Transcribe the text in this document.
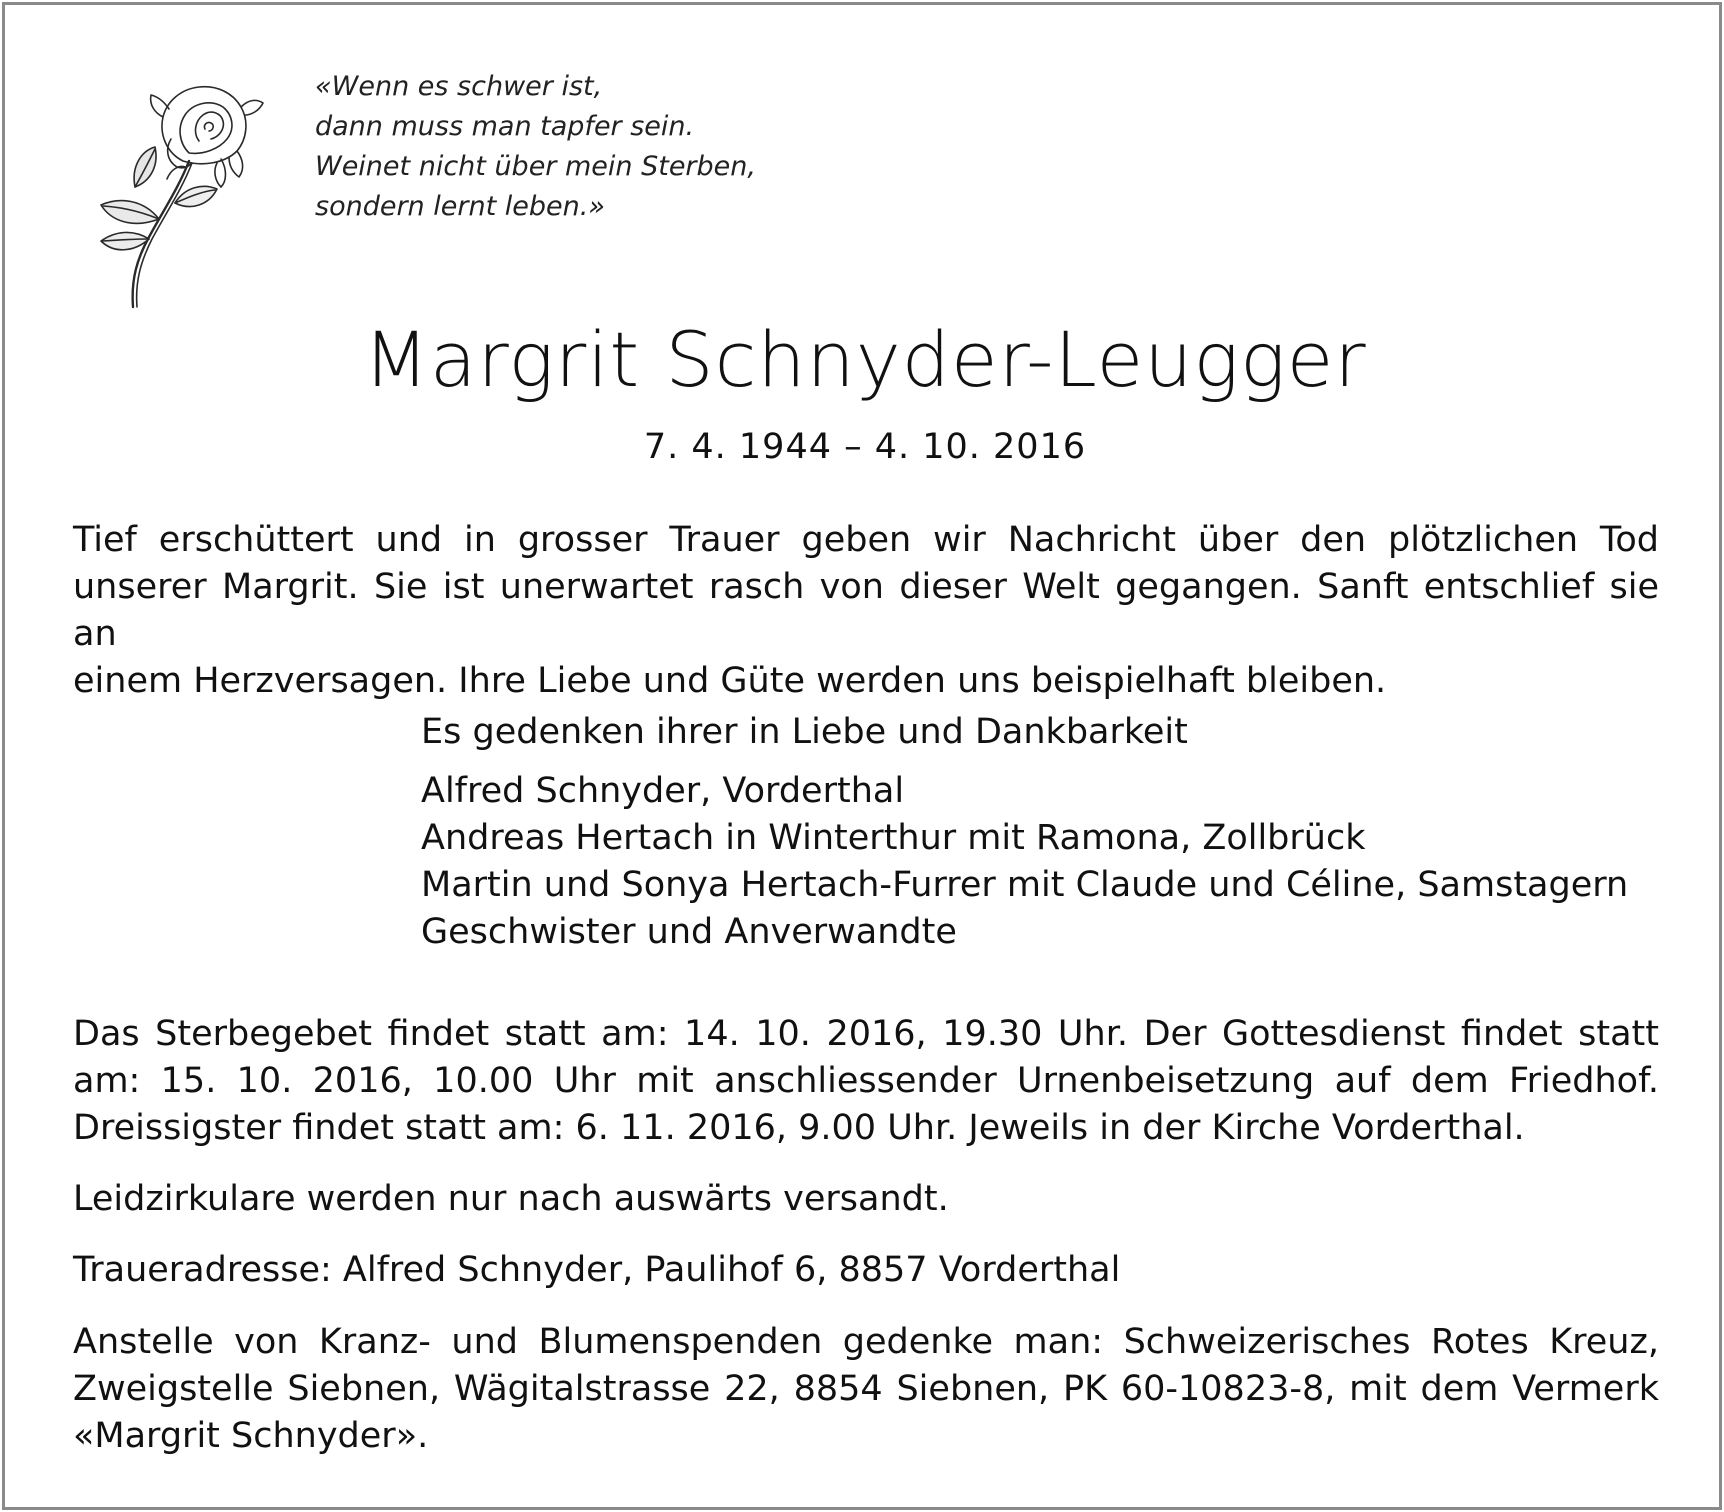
«Wenn es schwer ist,
dann muss man tapfer sein.
Weinet nicht über mein Sterben,
sondern lernt leben.»
Margrit Schnyder-Leugger
7. 4. 1944 – 4. 10. 2016
Tief erschüttert und in grosser Trauer geben wir Nachricht über den plötzlichen Tod
unserer Margrit. Sie ist unerwartet rasch von dieser Welt gegangen. Sanft entschlief sie an
einem Herzversagen. Ihre Liebe und Güte werden uns beispielhaft bleiben.
Es gedenken ihrer in Liebe und Dankbarkeit
Alfred Schnyder, Vorderthal
Andreas Hertach in Winterthur mit Ramona, Zollbrück
Martin und Sonya Hertach-Furrer mit Claude und Céline, Samstagern
Geschwister und Anverwandte
Das Sterbegebet findet statt am: 14. 10. 2016, 19.30 Uhr. Der Gottesdienst findet statt
am: 15. 10. 2016, 10.00 Uhr mit anschliessender Urnenbeisetzung auf dem Friedhof.
Dreissigster findet statt am: 6. 11. 2016, 9.00 Uhr. Jeweils in der Kirche Vorderthal.
Leidzirkulare werden nur nach auswärts versandt.
Traueradresse: Alfred Schnyder, Paulihof 6, 8857 Vorderthal
Anstelle von Kranz- und Blumenspenden gedenke man: Schweizerisches Rotes Kreuz,
Zweigstelle Siebnen, Wägitalstrasse 22, 8854 Siebnen, PK 60-10823-8, mit dem Vermerk
«Margrit Schnyder».
